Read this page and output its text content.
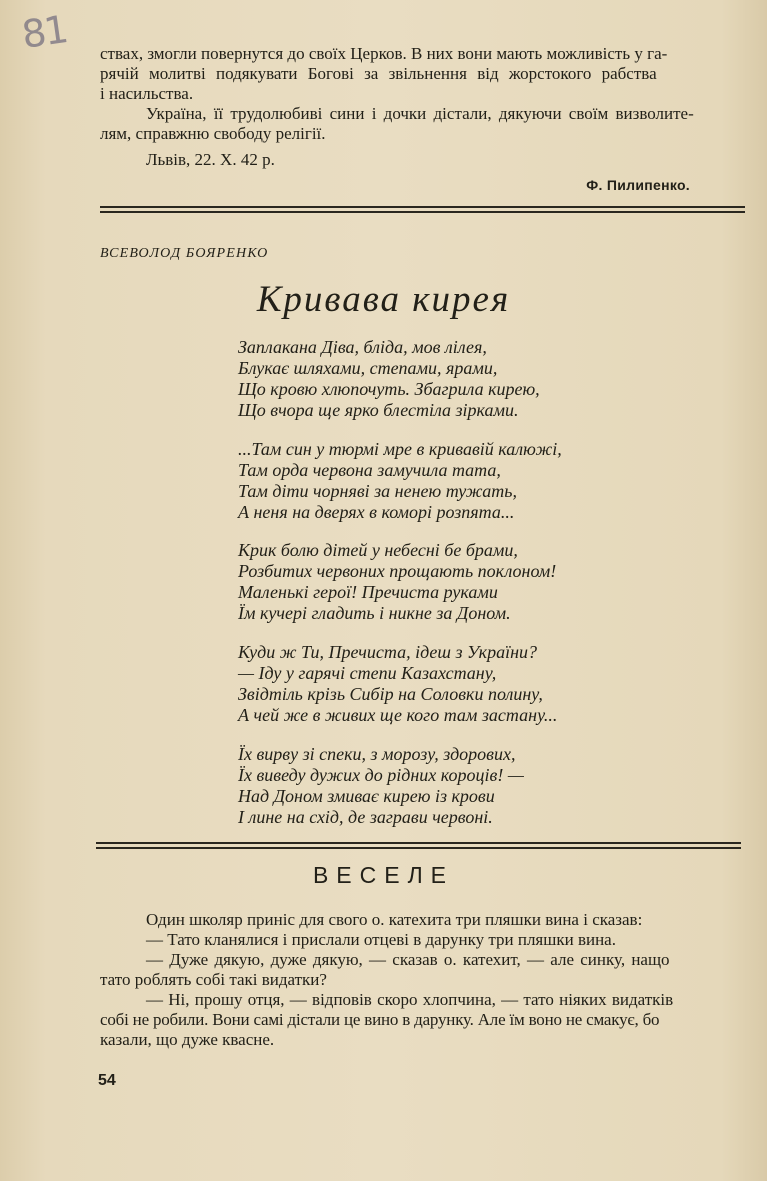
81 ствах, змогли повернутся до своїх Церков. В них вони мають можливість у га-

рячій молитві подякувати Богові за звільнення від жорстокого рабства

і насильства.

Україна, її трудолюбиві сини і дочки дістали, дякуючи своїм визволите-

лям, справжню свободу релігії.

Львів, 22. X. 42 р.
Ф. Пилипенко.
ВСЕВОЛОД БОЯРЕНКО
Кривава кирея
Заплакана Діва, бліда, мов лілея,
Блукає шляхами, степами, ярами,
Що кровю хлюпочуть. Збагрила кирею,
Що вчора ще ярко блестіла зірками.
...Там син у тюрмі мре в кривавій калюжі,
Там орда червона замучила тата,
Там діти чорняві за ненею тужать,
А неня на дверях в коморі розпята...
Крик болю дітей у небесні бе брами,
Розбитих червоних прощають поклоном!
Маленькі герої! Пречиста руками
Їм кучері гладить і никне за Доном.
Куди ж Ти, Пречиста, ідеш з України?
— Іду у гарячі степи Казахстану,
Звідтіль крізь Сибір на Соловки полину,
А чей же в живих ще кого там застану...
Їх вирву зі спеки, з морозу, здорових,
Їх виведу дужих до рідних короців! —
Над Доном змиває кирею із крови
І лине на схід, де заграви червоні.
ВЕСЕЛЕ

Один школяр приніс для свого о. катехита три пляшки вина і сказав:

— Тато кланялися і прислали отцеві в дарунку три пляшки вина.

— Дуже дякую, дуже дякую, — сказав о. катехит, — але синку, нащо

тато роблять собі такі видатки?

— Ні, прошу отця, — відповів скоро хлопчина, — тато ніяких видатків

собі не робили. Вони самі дістали це вино в дарунку. Але їм воно не смакує, бо

казали, що дуже квасне.

54
